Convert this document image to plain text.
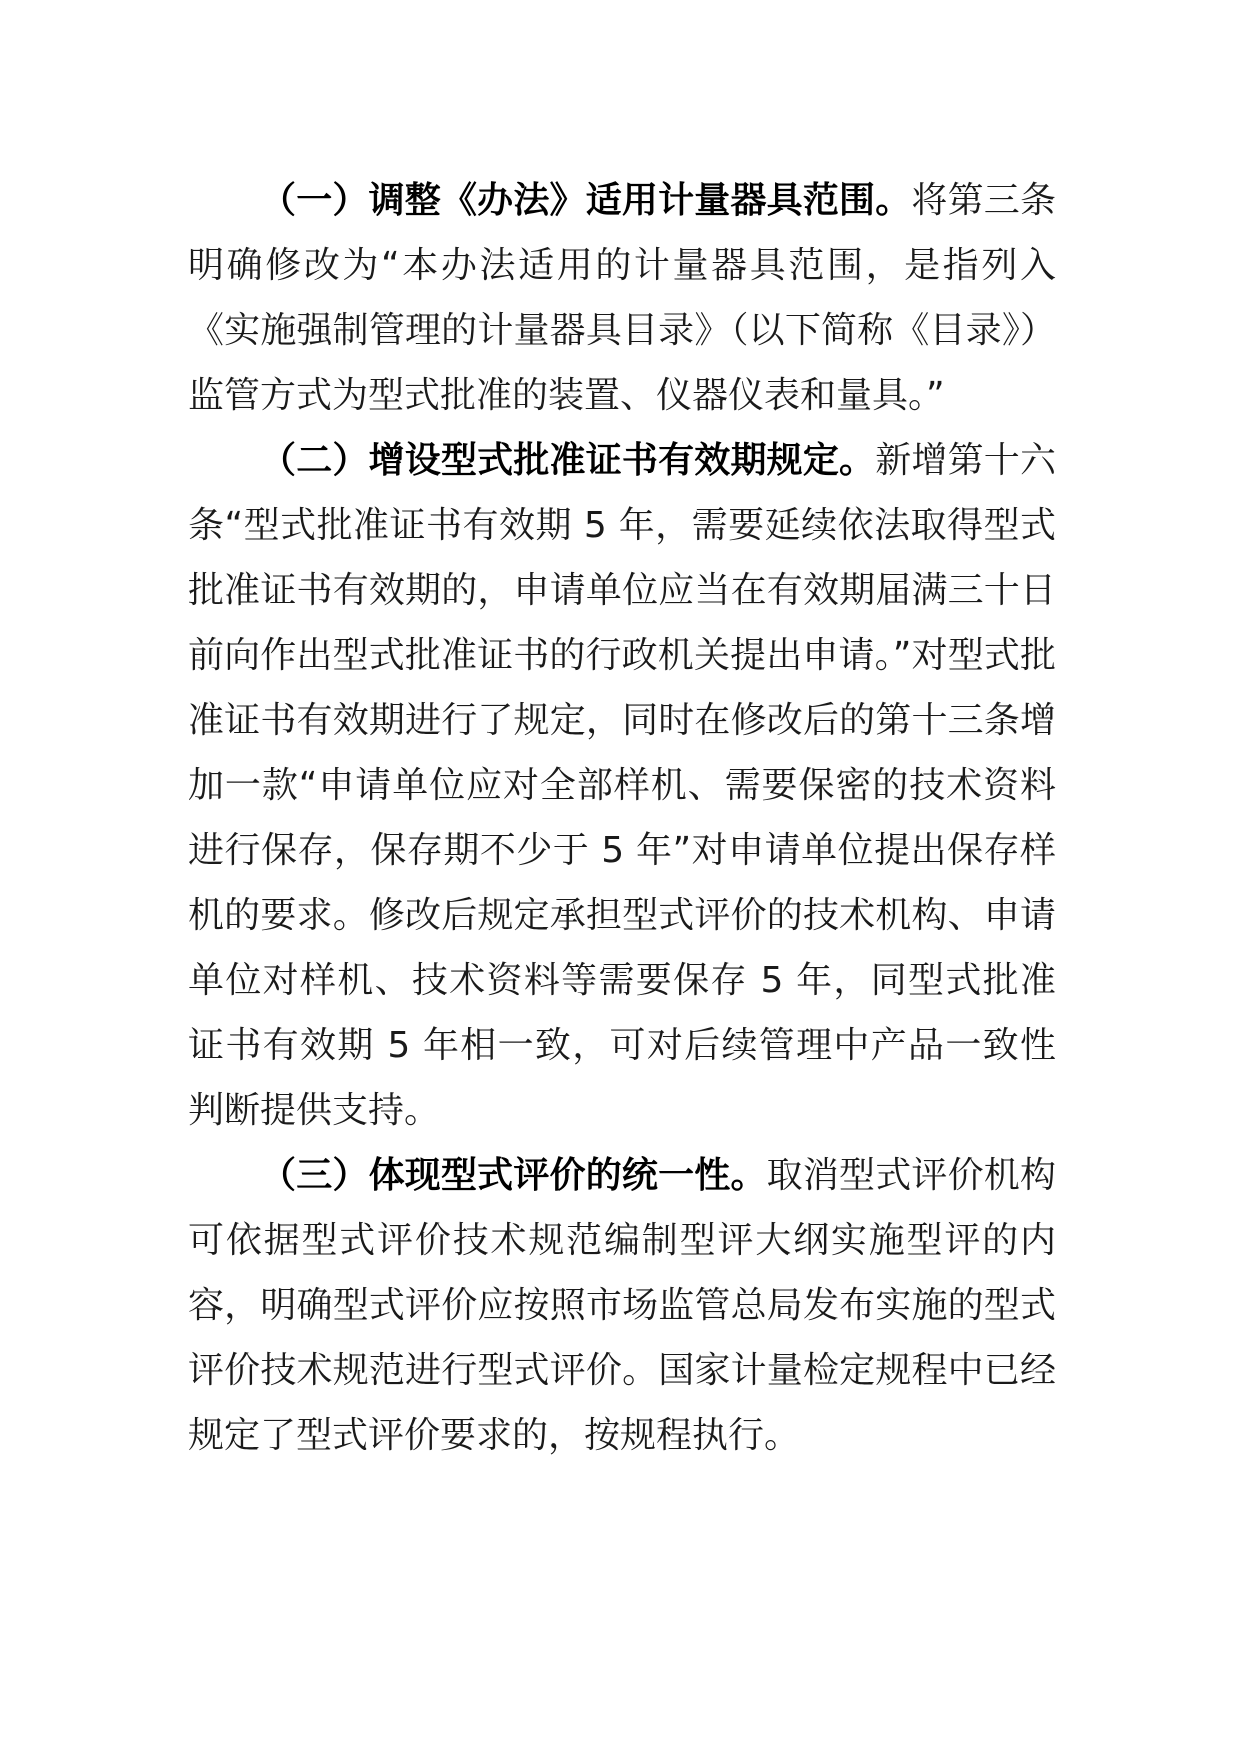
（一）调整《办法》适用计量器具范围。将第三条明确修改为“本办法适用的计量器具范围，是指列入《实施强制管理的计量器具目录》（以下简称《目录》）监管方式为型式批准的装置、仪器仪表和量具。”

（二）增设型式批准证书有效期规定。新增第十六条“型式批准证书有效期 5 年，需要延续依法取得型式批准证书有效期的，申请单位应当在有效期届满三十日前向作出型式批准证书的行政机关提出申请。”对型式批准证书有效期进行了规定，同时在修改后的第十三条增加一款“申请单位应对全部样机、需要保密的技术资料进行保存，保存期不少于 5 年”对申请单位提出保存样机的要求。修改后规定承担型式评价的技术机构、申请单位对样机、技术资料等需要保存 5 年，同型式批准证书有效期 5 年相一致，可对后续管理中产品一致性判断提供支持。

（三）体现型式评价的统一性。取消型式评价机构可依据型式评价技术规范编制型评大纲实施型评的内容，明确型式评价应按照市场监管总局发布实施的型式评价技术规范进行型式评价。国家计量检定规程中已经规定了型式评价要求的，按规程执行。
